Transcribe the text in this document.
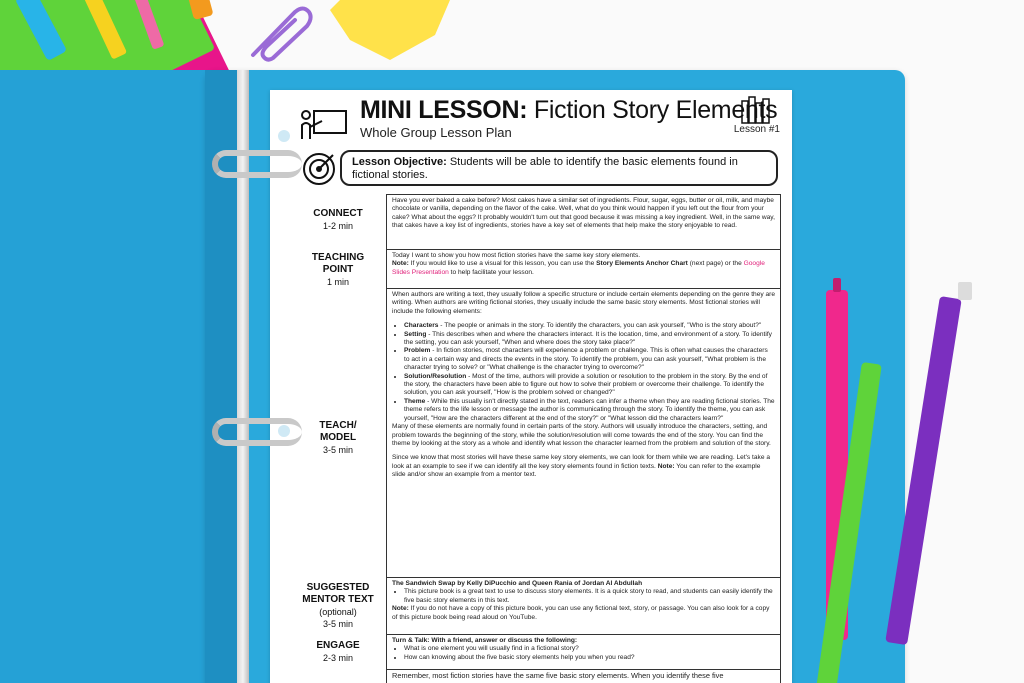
MINI LESSON: Fiction Story Elements
Whole Group Lesson Plan	Lesson #1
Lesson Objective: Students will be able to identify the basic elements found in fictional stories.
CONNECT
1-2 min
Have you ever baked a cake before? Most cakes have a similar set of ingredients. Flour, sugar, eggs, butter or oil, milk, and maybe chocolate or vanilla, depending on the flavor of the cake. Well, what do you think would happen if you left out the flour from your cake? What about the eggs? It probably wouldn't turn out that good because it was missing a key ingredient. Well, in the same way, that cakes have a key list of ingredients, stories have a key set of elements that help make the story enjoyable to read.
TEACHING
POINT
1 min
Today I want to show you how most fiction stories have the same key story elements.
Note: If you would like to use a visual for this lesson, you can use the Story Elements Anchor Chart (next page) or the Google Slides Presentation to help facilitate your lesson.
TEACH/
MODEL
3-5 min
When authors are writing a text, they usually follow a specific structure or include certain elements depending on the genre they are writing. When authors are writing fictional stories, they usually include the same basic story elements. Most fictional stories will include the following elements:
• Characters - The people or animals in the story. To identify the characters, you can ask yourself, "Who is the story about?"
• Setting - This describes when and where the characters interact. It is the location, time, and environment of a story. To identify the setting, you can ask yourself, "When and where does the story take place?"
• Problem - In fiction stories, most characters will experience a problem or challenge. This is often what causes the characters to act in a certain way and directs the events in the story. To identify the problem, you can ask yourself, "What problem is the character trying to solve? or "What challenge is the character trying to overcome?"
• Solution/Resolution - Most of the time, authors will provide a solution or resolution to the problem in the story. By the end of the story, the characters have been able to figure out how to solve their problem or overcome their challenge. To identify the solution, you can ask yourself, "How is the problem solved or changed?"
• Theme - While this usually isn't directly stated in the text, readers can infer a theme when they are reading fictional stories. The theme refers to the life lesson or message the author is communicating through the story. To identify the theme, you can ask yourself, "How are the characters different at the end of the story?" or "What lesson did the characters learn?"
Many of these elements are normally found in certain parts of the story. Authors will usually introduce the characters, setting, and problem towards the beginning of the story, while the solution/resolution will come towards the end of the story. You can find the theme by looking at the story as a whole and identify what lesson the character learned from the problem and solution of the story.
Since we know that most stories will have these same key story elements, we can look for them while we are reading. Let's take a look at an example to see if we can identify all the key story elements found in fiction texts. Note: You can refer to the example slide and/or show an example from a mentor text.
SUGGESTED
MENTOR TEXT
(optional)
3-5 min
The Sandwich Swap by Kelly DiPucchio and Queen Rania of Jordan Al Abdullah
• This picture book is a great text to use to discuss story elements. It is a quick story to read, and students can easily identify the five basic story elements in this text.
Note: If you do not have a copy of this picture book, you can use any fictional text, story, or passage. You can also look for a copy of this picture book being read aloud on YouTube.
ENGAGE
2-3 min
Turn & Talk: With a friend, answer or discuss the following:
• What is one element you will usually find in a fictional story?
• How can knowing about the five basic story elements help you when you read?
Remember, most fiction stories have the same five basic story elements. When you identify these five
